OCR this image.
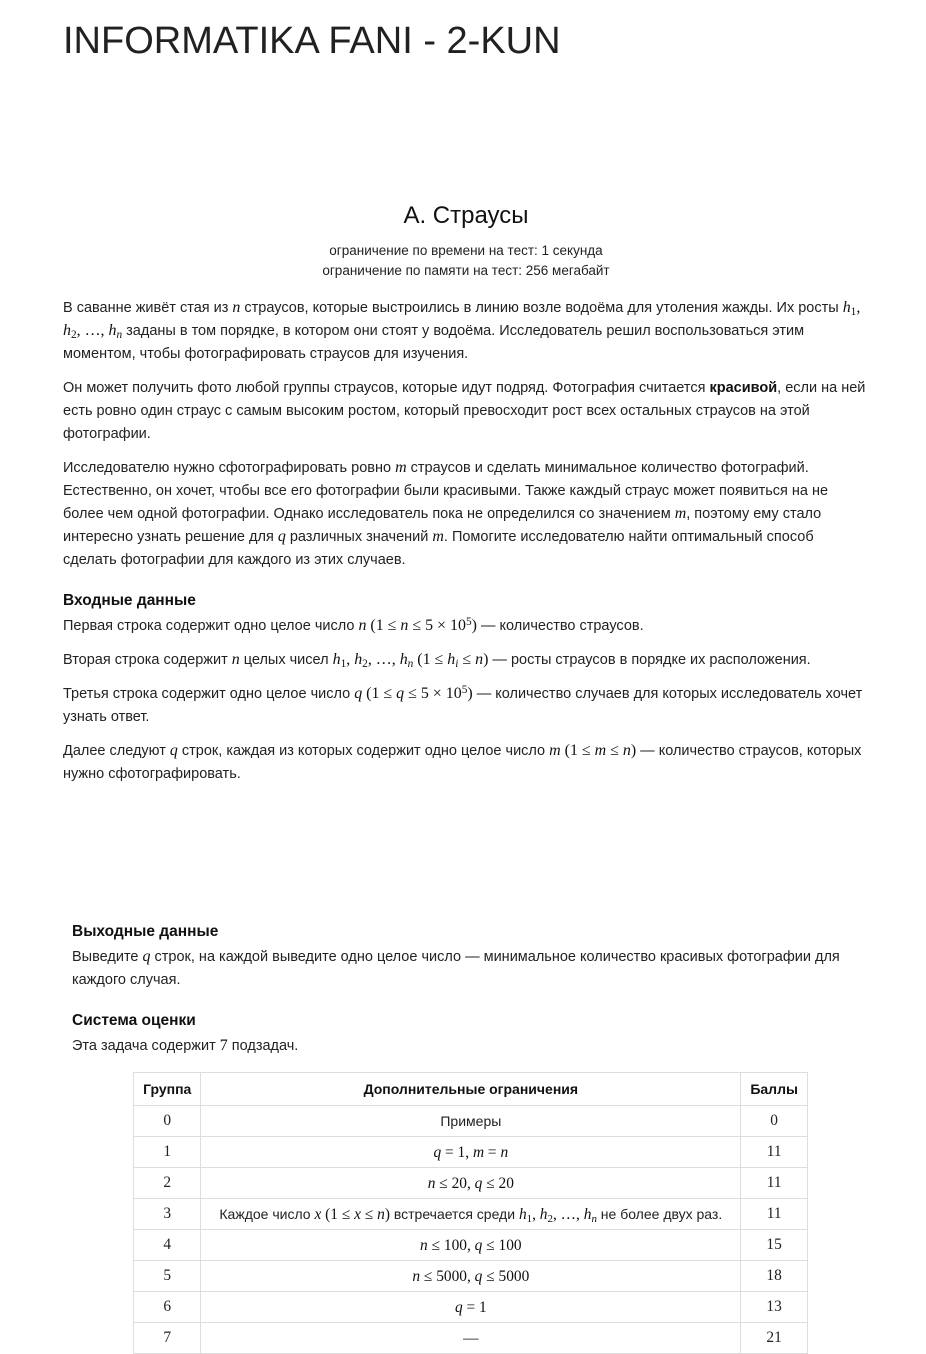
INFORMATIKA FANI - 2-KUN
А. Страусы
ограничение по времени на тест: 1 секунда
ограничение по памяти на тест: 256 мегабайт

В саванне живёт стая из n страусов, которые выстроились в линию возле водоёма для утоления жажды. Их росты $h_1$, $h_2$, …, $h_n$ заданы в том порядке, в котором они стоят у водоёма. Исследователь решил воспользоваться этим моментом, чтобы фотографировать страусов для изучения.

Он может получить фото любой группы страусов, которые идут подряд. Фотография считается красивой, если на ней есть ровно один страус с самым высоким ростом, который превосходит рост всех остальных страусов на этой фотографии.

Исследователю нужно сфотографировать ровно m страусов и сделать минимальное количество фотографий. Естественно, он хочет, чтобы все его фотографии были красивыми. Также каждый страус может появиться на не более чем одной фотографии. Однако исследователь пока не определился со значением m, поэтому ему стало интересно узнать решение для q различных значений m. Помогите исследователю найти оптимальный способ сделать фотографии для каждого из этих случаев.

Входные данные

Первая строка содержит одно целое число n $(1 \le n \le 5 \times 10^5)$ — количество страусов.

Вторая строка содержит n целых чисел $h_1$, $h_2$, …, $h_n$ $(1 \le h_i \le n)$ — росты страусов в порядке их расположения.

Третья строка содержит одно целое число q $(1 \le q \le 5 \times 10^5)$ — количество случаев для которых исследователь хочет узнать ответ.

Далее следуют q строк, каждая из которых содержит одно целое число m (1 ≤ m ≤ n) — количество страусов, которых нужно сфотографировать.

Выходные данные

Выведите q строк, на каждой выведите одно целое число — минимальное количество красивых фотографии для каждого случая.

Система оценки

Эта задача содержит 7 подзадач.

Группа	Дополнительные ограничения	Баллы
0	Примеры	0
1	q = 1, m = n	11
2	n ≤ 20, q ≤ 20	11
3	Каждое число x (1 ≤ x ≤ n) встречается среди $h_1$, $h_2$, …, $h_n$ не более двух раз.	11
4	n ≤ 100, q ≤ 100	15
5	n ≤ 5000, q ≤ 5000	18
6	q = 1	13
7	—	21
